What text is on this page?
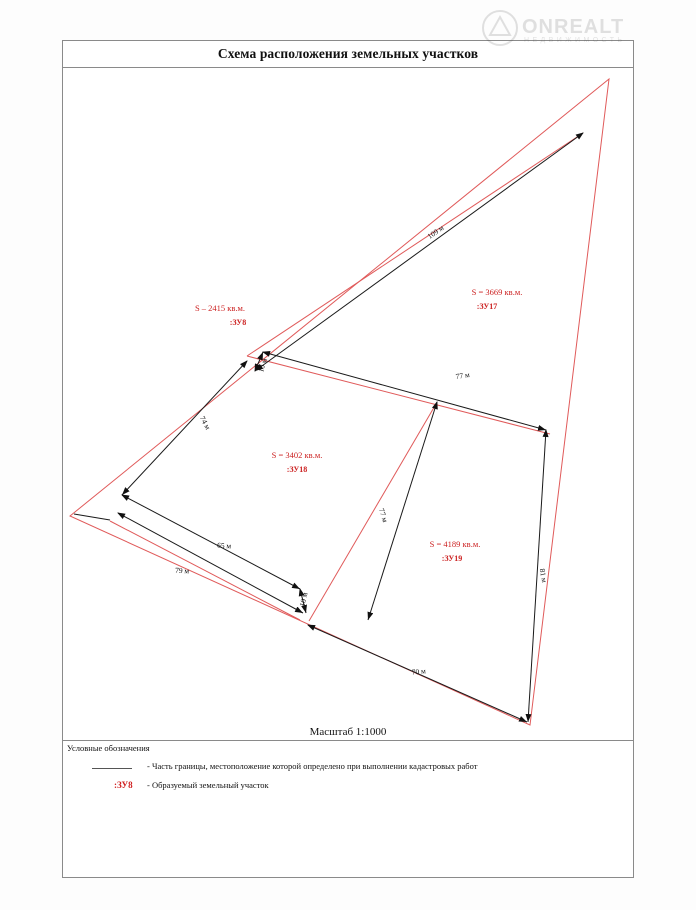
ONREALT
Схема расположения земельных участков
S – 2415 кв.м.
:ЗУ8
S = 3669 кв.м.
:ЗУ17
S = 3402 кв.м.
:ЗУ18
S = 4189 кв.м.
:ЗУ19
109 м
10 м
77 м
74 м
77 м
81 м
65 м
79 м
10 м
70 м
Масштаб 1:1000
Условные обозначения
- Часть границы, местоположение которой определено при выполнении кадастровых работ
:ЗУ8 - Образуемый земельный участок
